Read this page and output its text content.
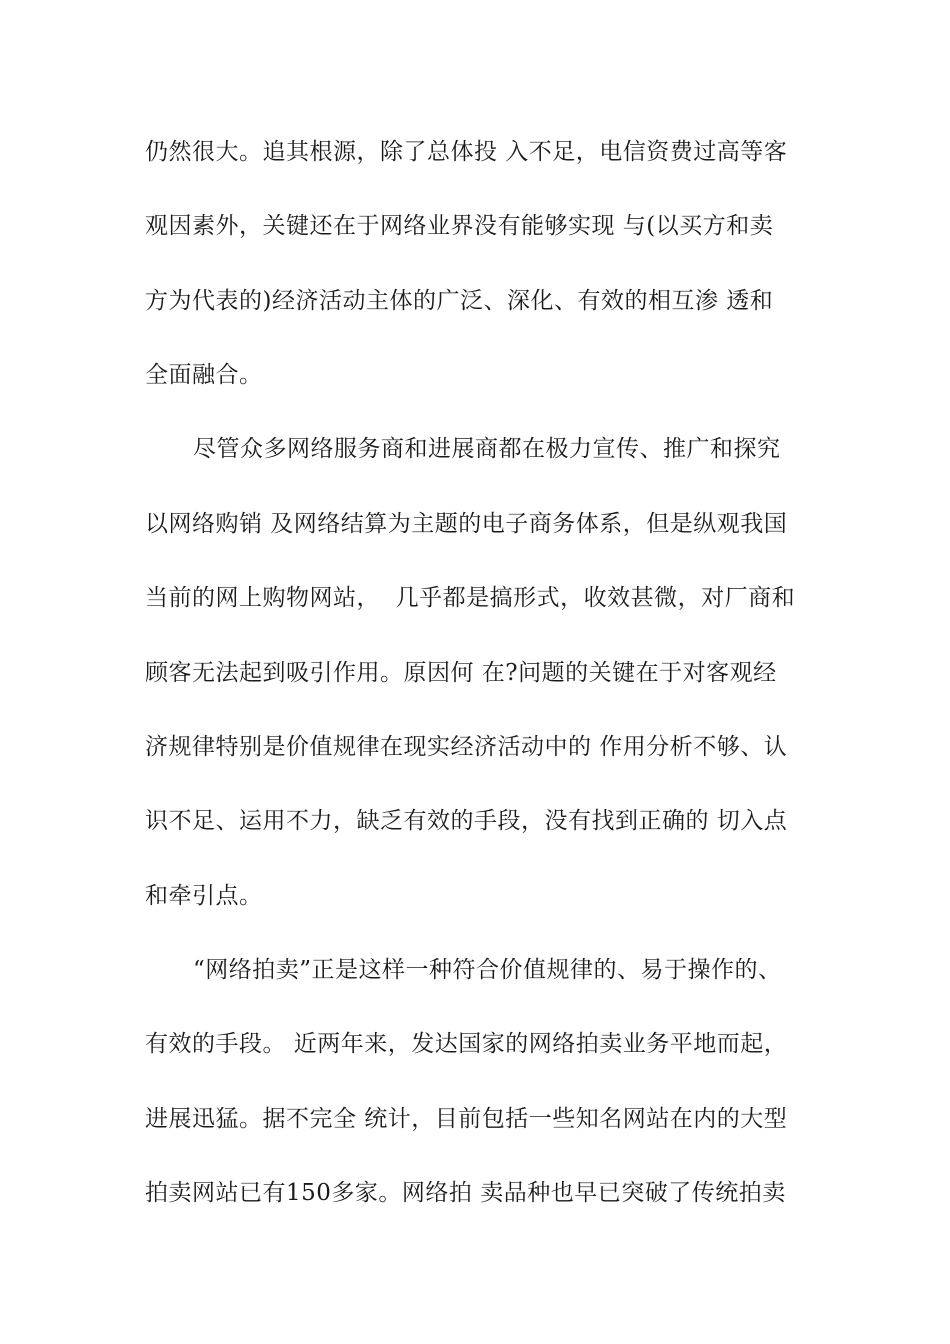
仍然很大。追其根源，除了总体投 入不足，电信资费过高等客
观因素外，关键还在于网络业界没有能够实现 与(以买方和卖
方为代表的)经济活动主体的广泛、深化、有效的相互渗 透和
全面融合。
尽管众多网络服务商和进展商都在极力宣传、推广和探究
以网络购销 及网络结算为主题的电子商务体系，但是纵观我国
当前的网上购物网站，  几乎都是搞形式，收效甚微，对厂商和
顾客无法起到吸引作用。原因何 在?问题的关键在于对客观经
济规律特别是价值规律在现实经济活动中的 作用分析不够、认
识不足、运用不力，缺乏有效的手段，没有找到正确的 切入点
和牵引点。
“网络拍卖”正是这样一种符合价值规律的、易于操作的、
有效的手段。 近两年来，发达国家的网络拍卖业务平地而起，
进展迅猛。据不完全 统计，目前包括一些知名网站在内的大型
拍卖网站已有150多家。网络拍 卖品种也早已突破了传统拍卖
